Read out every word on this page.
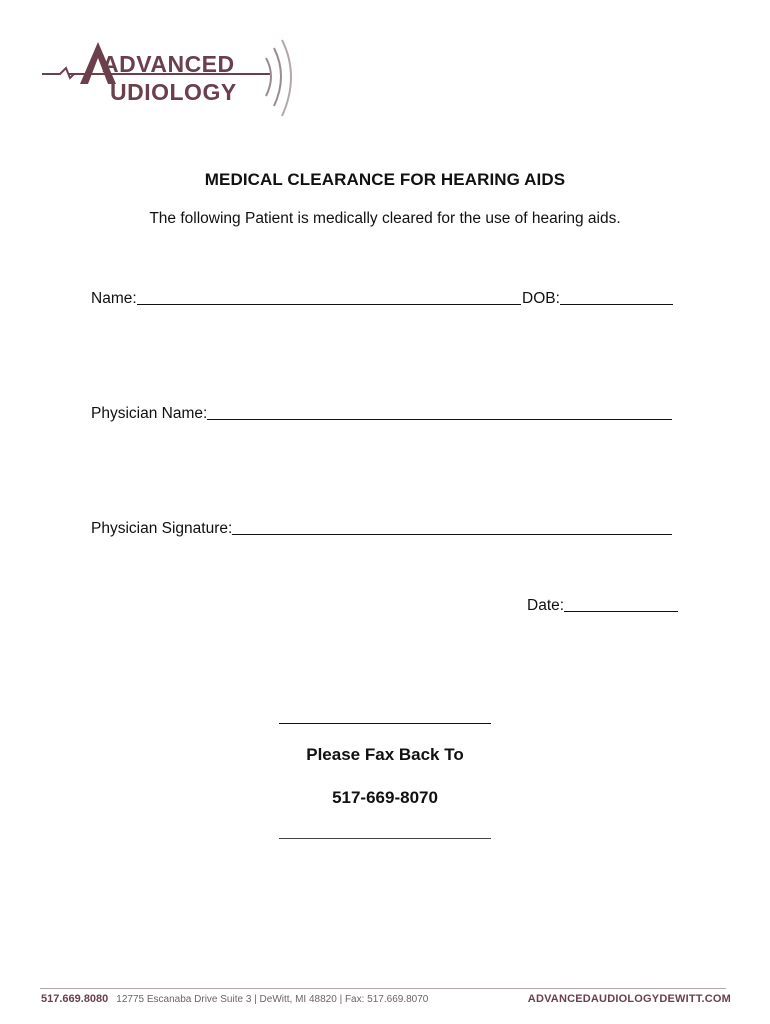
ADVANCED
UDIOLOGY
MEDICAL CLEARANCE FOR HEARING AIDS
The following Patient is medically cleared for the use of hearing aids.
Name:	DOB:
Physician Name:
Physician Signature:
Date:
Please Fax Back To
517-669-8070
517.669.8080 12775 Escanaba Drive Suite 3 | DeWitt, MI 48820 | Fax: 517.669.8070	ADVANCEDAUDIOLOGYDEWITT.COM
